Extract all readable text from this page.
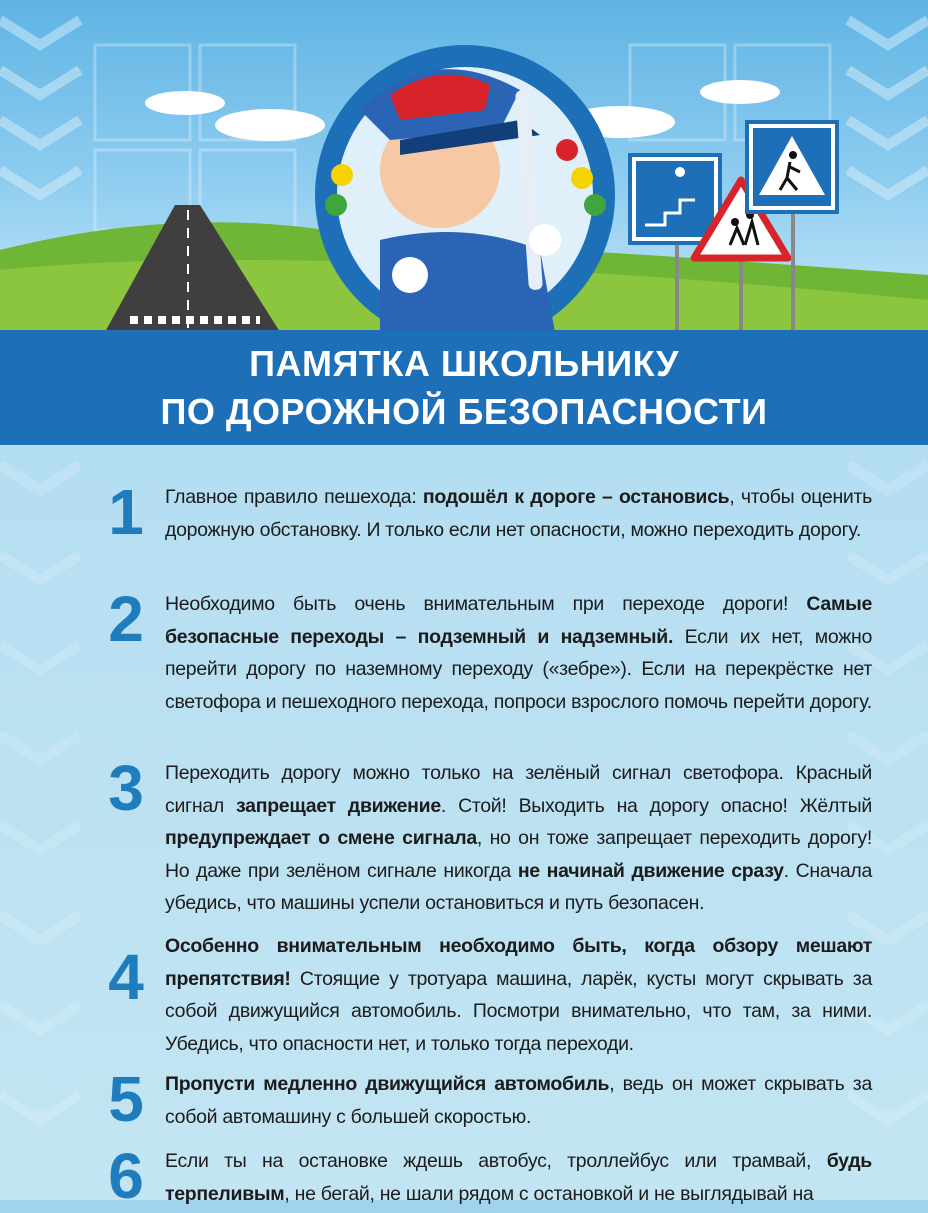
ПАМЯТКА ШКОЛЬНИКУ
ПО ДОРОЖНОЙ БЕЗОПАСНОСТИ
1	Главное правило пешехода: подошёл к дороге – остановись, чтобы оценить дорожную обстановку. И только если нет опасности, можно переходить дорогу.
2	Необходимо быть очень внимательным при переходе дороги! Самые безопасные переходы – подземный и надземный. Если их нет, можно перейти дорогу по наземному переходу («зебре»). Если на перекрёстке нет светофора и пешеходного перехода, попроси взрослого помочь перейти дорогу.
3	Переходить дорогу можно только на зелёный сигнал светофора. Красный сигнал запрещает движение. Стой! Выходить на дорогу опасно! Жёлтый предупреждает о смене сигнала, но он тоже запрещает переходить дорогу! Но даже при зелёном сигнале никогда не начинай движение сразу. Сначала убедись, что машины успели остановиться и путь безопасен.
4	Особенно внимательным необходимо быть, когда обзору мешают препятствия! Стоящие у тротуара машина, ларёк, кусты могут скрывать за собой движущийся автомобиль. Посмотри внимательно, что там, за ними. Убедись, что опасности нет, и только тогда переходи.
5	Пропусти медленно движущийся автомобиль, ведь он может скрывать за собой автомашину с большей скоростью.
6	Если ты на остановке ждешь автобус, троллейбус или трамвай, будь терпеливым, не бегай, не шали рядом с остановкой и не выглядывай на
